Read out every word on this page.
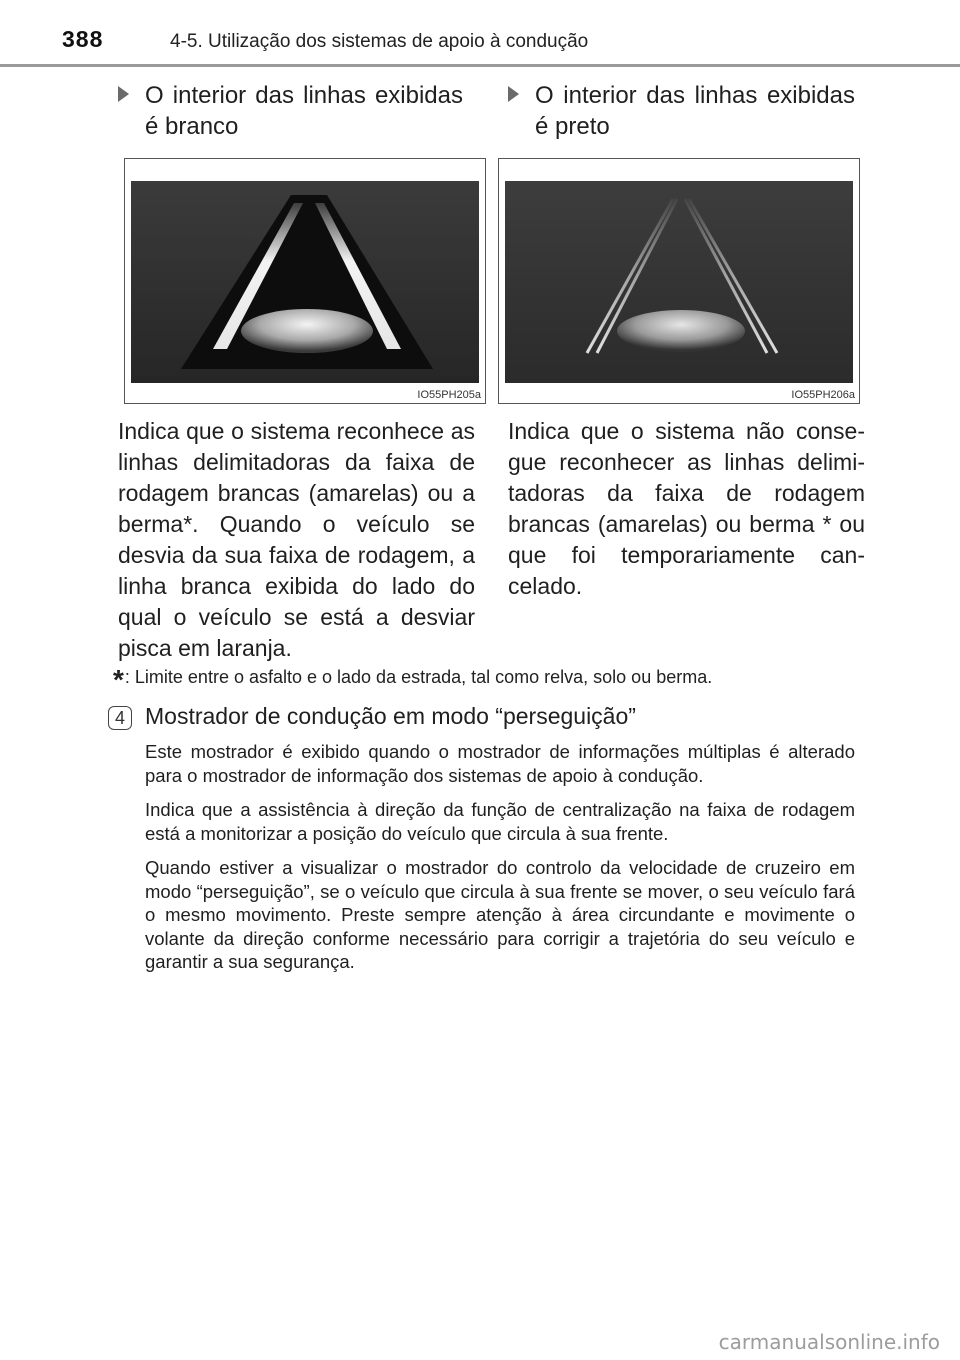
388	4-5. Utilização dos sistemas de apoio à condução
O interior das linhas exibidas é branco
IO55PH205a
Indica que o sistema reconhece as linhas delimitadoras da faixa de rodagem brancas (amarelas) ou a berma*. Quando o veículo se desvia da sua faixa de rodagem, a linha branca exibida do lado do qual o veículo se está a desviar pisca em laranja.
O interior das linhas exibidas é preto
IO55PH206a
Indica que o sistema não consegue reconhecer as linhas delimitadoras da faixa de rodagem brancas (amarelas) ou berma * ou que foi temporariamente cancelado.
*: Limite entre o asfalto e o lado da estrada, tal como relva, solo ou berma.
4 Mostrador de condução em modo “perseguição”

Este mostrador é exibido quando o mostrador de informações múltiplas é alterado para o mostrador de informação dos sistemas de apoio à condução.

Indica que a assistência à direção da função de centralização na faixa de rodagem está a monitorizar a posição do veículo que circula à sua frente.

Quando estiver a visualizar o mostrador do controlo da velocidade de cruzeiro em modo “perseguição”, se o veículo que circula à sua frente se mover, o seu veículo fará o mesmo movimento. Preste sempre atenção à área circundante e movimente o volante da direção conforme necessário para corrigir a trajetória do seu veículo e garantir a sua segurança.

carmanualsonline.info
